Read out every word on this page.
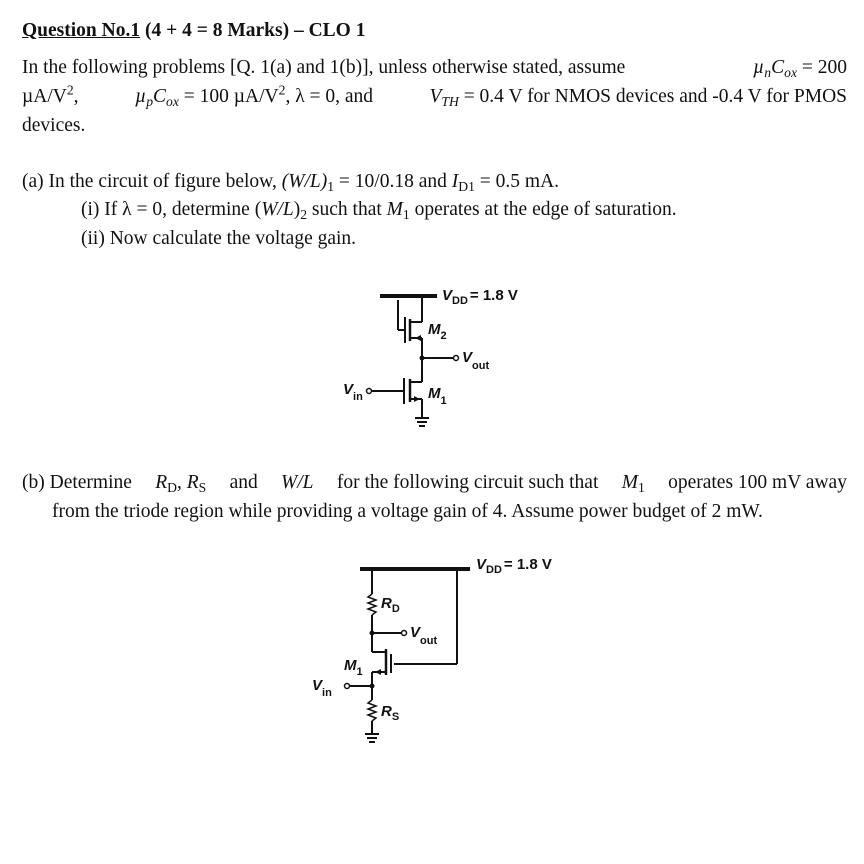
Question No.1 (4 + 4 = 8 Marks) – CLO 1
In the following problems [Q. 1(a) and 1(b)], unless otherwise stated, assume	$\mu_nC_{ox} = 200$
$\mu A/V^2$,	$\mu_pC_{ox} = 100$ $\mu A/V^2$, λ = 0, and	$V_{TH} = 0.4$ V for NMOS devices and -0.4 V for PMOS
devices.
(a) In the circuit of figure below, $(W/L)_1 = 10/0.18$ and $I_{D1} = 0.5$ mA.
(i) If λ = 0, determine $(W/L)_2$ such that $M_1$ operates at the edge of saturation.
(ii) Now calculate the voltage gain.
(b) Determine $R_D$, $R_S$ and W/L for the following circuit such that $M_1$ operates 100 mV away
from the triode region while providing a voltage gain of 4. Assume power budget of 2 mW.
$V_{DD} = 1.8$ V
$M_2$
$V_{out}$
$V_{in}$	$M_1$
$V_{DD} = 1.8$ V
$R_D$
$V_{out}$
$M_1$
$V_{in}$
$R_S$
